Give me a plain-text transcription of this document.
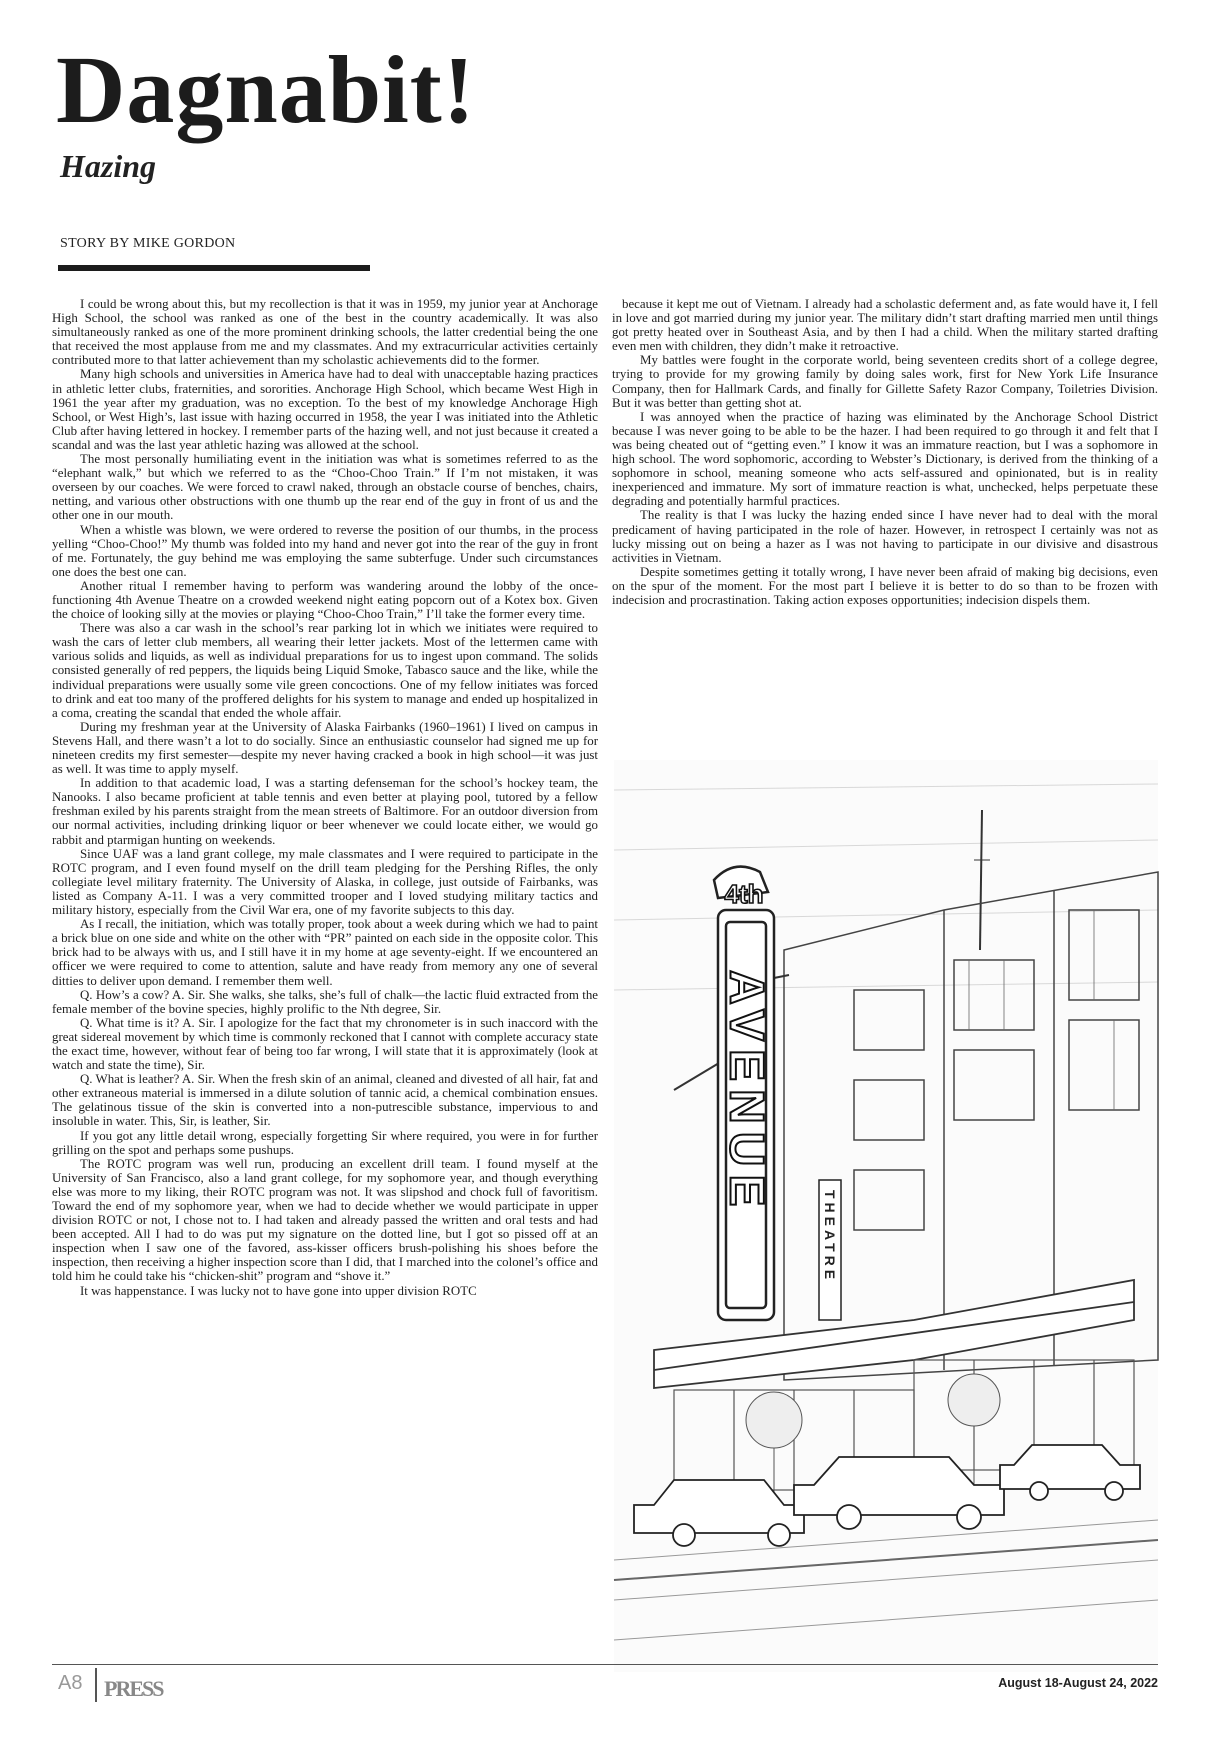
Dagnabit!
Hazing

STORY BY MIKE GORDON

I could be wrong about this, but my recollection is that it was in 1959, my junior year at Anchorage High School, the school was ranked as one of the best in the country academically. It was also simultaneously ranked as one of the more prominent drinking schools, the latter credential being the one that received the most applause from me and my classmates. And my extracurricular activities certainly contributed more to that latter achievement than my scholastic achievements did to the former.

Many high schools and universities in America have had to deal with unacceptable hazing practices in athletic letter clubs, fraternities, and sororities. Anchorage High School, which became West High in 1961 the year after my graduation, was no exception. To the best of my knowledge Anchorage High School, or West High’s, last issue with hazing occurred in 1958, the year I was initiated into the Athletic Club after having lettered in hockey. I remember parts of the hazing well, and not just because it created a scandal and was the last year athletic hazing was allowed at the school.

The most personally humiliating event in the initiation was what is sometimes referred to as the “elephant walk,” but which we referred to as the “Choo-Choo Train.” If I’m not mistaken, it was overseen by our coaches. We were forced to crawl naked, through an obstacle course of benches, chairs, netting, and various other obstructions with one thumb up the rear end of the guy in front of us and the other one in our mouth.

When a whistle was blown, we were ordered to reverse the position of our thumbs, in the process yelling “Choo-Choo!” My thumb was folded into my hand and never got into the rear of the guy in front of me. Fortunately, the guy behind me was employing the same subterfuge. Under such circumstances one does the best one can.

Another ritual I remember having to perform was wandering around the lobby of the once-functioning 4th Avenue Theatre on a crowded weekend night eating popcorn out of a Kotex box. Given the choice of looking silly at the movies or playing “Choo-Choo Train,” I’ll take the former every time.

There was also a car wash in the school’s rear parking lot in which we initiates were required to wash the cars of letter club members, all wearing their letter jackets. Most of the lettermen came with various solids and liquids, as well as individual preparations for us to ingest upon command. The solids consisted generally of red peppers, the liquids being Liquid Smoke, Tabasco sauce and the like, while the individual preparations were usually some vile green concoctions. One of my fellow initiates was forced to drink and eat too many of the proffered delights for his system to manage and ended up hospitalized in a coma, creating the scandal that ended the whole affair.

During my freshman year at the University of Alaska Fairbanks (1960–1961) I lived on campus in Stevens Hall, and there wasn’t a lot to do socially. Since an enthusiastic counselor had signed me up for nineteen credits my first semester—despite my never having cracked a book in high school—it was just as well. It was time to apply myself.

In addition to that academic load, I was a starting defenseman for the school’s hockey team, the Nanooks. I also became proficient at table tennis and even better at playing pool, tutored by a fellow freshman exiled by his parents straight from the mean streets of Baltimore. For an outdoor diversion from our normal activities, including drinking liquor or beer whenever we could locate either, we would go rabbit and ptarmigan hunting on weekends.

Since UAF was a land grant college, my male classmates and I were required to participate in the ROTC program, and I even found myself on the drill team pledging for the Pershing Rifles, the only collegiate level military fraternity. The University of Alaska, in college, just outside of Fairbanks, was listed as Company A-11. I was a very committed trooper and I loved studying military tactics and military history, especially from the Civil War era, one of my favorite subjects to this day.

As I recall, the initiation, which was totally proper, took about a week during which we had to paint a brick blue on one side and white on the other with “PR” painted on each side in the opposite color. This brick had to be always with us, and I still have it in my home at age seventy-eight. If we encountered an officer we were required to come to attention, salute and have ready from memory any one of several ditties to deliver upon demand. I remember them well.

Q. How’s a cow? A. Sir. She walks, she talks, she’s full of chalk—the lactic fluid extracted from the female member of the bovine species, highly prolific to the Nth degree, Sir.

Q. What time is it? A. Sir. I apologize for the fact that my chronometer is in such inaccord with the great sidereal movement by which time is commonly reckoned that I cannot with complete accuracy state the exact time, however, without fear of being too far wrong, I will state that it is approximately (look at watch and state the time), Sir.

Q. What is leather? A. Sir. When the fresh skin of an animal, cleaned and divested of all hair, fat and other extraneous material is immersed in a dilute solution of tannic acid, a chemical combination ensues. The gelatinous tissue of the skin is converted into a non-putrescible substance, impervious to and insoluble in water. This, Sir, is leather, Sir.

If you got any little detail wrong, especially forgetting Sir where required, you were in for further grilling on the spot and perhaps some pushups.

The ROTC program was well run, producing an excellent drill team. I found myself at the University of San Francisco, also a land grant college, for my sophomore year, and though everything else was more to my liking, their ROTC program was not. It was slipshod and chock full of favoritism. Toward the end of my sophomore year, when we had to decide whether we would participate in upper division ROTC or not, I chose not to. I had taken and already passed the written and oral tests and had been accepted. All I had to do was put my signature on the dotted line, but I got so pissed off at an inspection when I saw one of the favored, ass-kisser officers brush-polishing his shoes before the inspection, then receiving a higher inspection score than I did, that I marched into the colonel’s office and told him he could take his “chicken-shit” program and “shove it.”

It was happenstance. I was lucky not to have gone into upper division ROTC

because it kept me out of Vietnam. I already had a scholastic deferment and, as fate would have it, I fell in love and got married during my junior year. The military didn’t start drafting married men until things got pretty heated over in Southeast Asia, and by then I had a child. When the military started drafting even men with children, they didn’t make it retroactive.

My battles were fought in the corporate world, being seventeen credits short of a college degree, trying to provide for my growing family by doing sales work, first for New York Life Insurance Company, then for Hallmark Cards, and finally for Gillette Safety Razor Company, Toiletries Division. But it was better than getting shot at.

I was annoyed when the practice of hazing was eliminated by the Anchorage School District because I was never going to be able to be the hazer. I had been required to go through it and felt that I was being cheated out of “getting even.” I know it was an immature reaction, but I was a sophomore in high school. The word sophomoric, according to Webster’s Dictionary, is derived from the thinking of a sophomore in school, meaning someone who acts self-assured and opinionated, but is in reality inexperienced and immature. My sort of immature reaction is what, unchecked, helps perpetuate these degrading and potentially harmful practices.

The reality is that I was lucky the hazing ended since I have never had to deal with the moral predicament of having participated in the role of hazer. However, in retrospect I certainly was not as lucky missing out on being a hazer as I was not having to participate in our divisive and disastrous activities in Vietnam.

Despite sometimes getting it totally wrong, I have never been afraid of making big decisions, even on the spur of the moment. For the most part I believe it is better to do so than to be frozen with indecision and procrastination. Taking action exposes opportunities; indecision dispels them.

4th
AVENUE
THEATRE
A8 PRESS	August 18-August 24, 2022
